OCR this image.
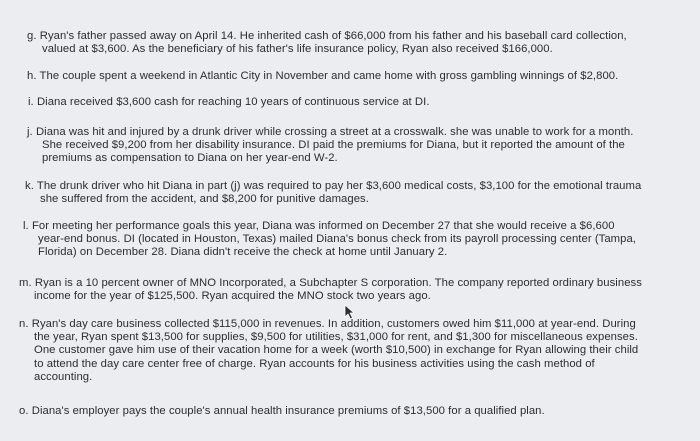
g. Ryan's father passed away on April 14. He inherited cash of $66,000 from his father and his baseball card collection,
valued at $3,600. As the beneficiary of his father's life insurance policy, Ryan also received $166,000.
h. The couple spent a weekend in Atlantic City in November and came home with gross gambling winnings of $2,800.
i. Diana received $3,600 cash for reaching 10 years of continuous service at DI.
j. Diana was hit and injured by a drunk driver while crossing a street at a crosswalk. she was unable to work for a month.
She received $9,200 from her disability insurance. DI paid the premiums for Diana, but it reported the amount of the
premiums as compensation to Diana on her year-end W-2.
k. The drunk driver who hit Diana in part (j) was required to pay her $3,600 medical costs, $3,100 for the emotional trauma
she suffered from the accident, and $8,200 for punitive damages.
l. For meeting her performance goals this year, Diana was informed on December 27 that she would receive a $6,600
year-end bonus. DI (located in Houston, Texas) mailed Diana's bonus check from its payroll processing center (Tampa,
Florida) on December 28. Diana didn't receive the check at home until January 2.
m. Ryan is a 10 percent owner of MNO Incorporated, a Subchapter S corporation. The company reported ordinary business
income for the year of $125,500. Ryan acquired the MNO stock two years ago.
n. Ryan's day care business collected $115,000 in revenues. In addition, customers owed him $11,000 at year-end. During
the year, Ryan spent $13,500 for supplies, $9,500 for utilities, $31,000 for rent, and $1,300 for miscellaneous expenses.
One customer gave him use of their vacation home for a week (worth $10,500) in exchange for Ryan allowing their child
to attend the day care center free of charge. Ryan accounts for his business activities using the cash method of
accounting.
o. Diana's employer pays the couple's annual health insurance premiums of $13,500 for a qualified plan.
